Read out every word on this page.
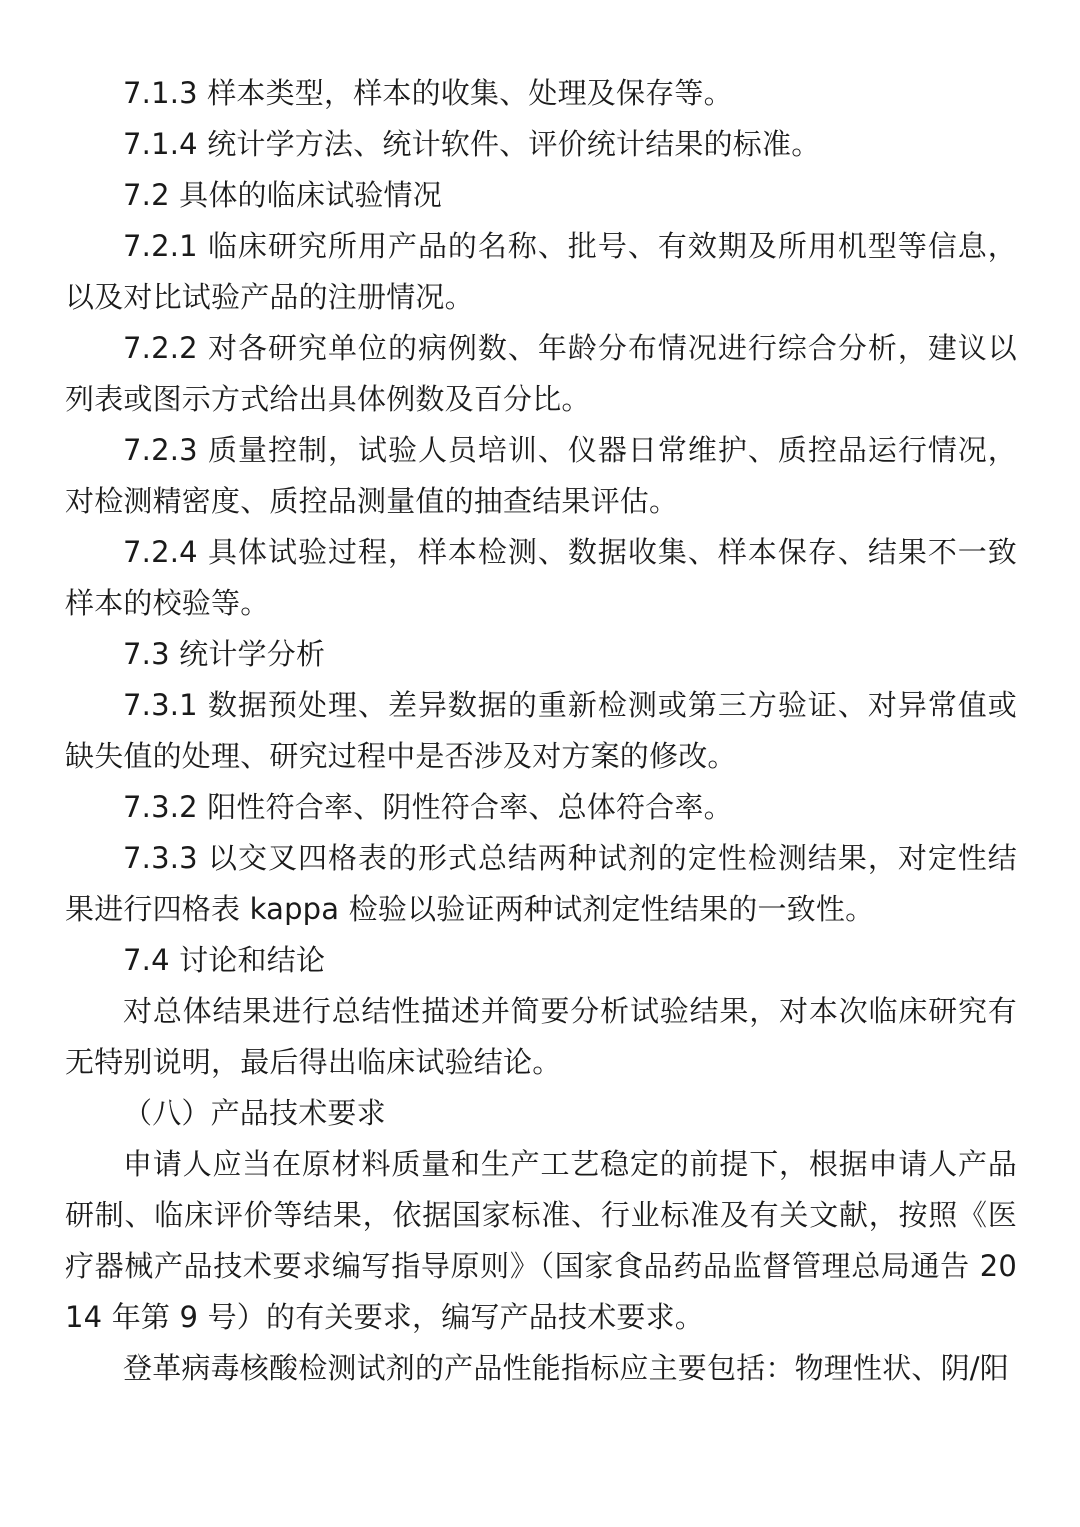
7.1.3 样本类型，样本的收集、处理及保存等。

7.1.4 统计学方法、统计软件、评价统计结果的标准。

7.2 具体的临床试验情况

7.2.1 临床研究所用产品的名称、批号、有效期及所用机型等信息，以及对比试验产品的注册情况。

7.2.2 对各研究单位的病例数、年龄分布情况进行综合分析，建议以列表或图示方式给出具体例数及百分比。

7.2.3 质量控制，试验人员培训、仪器日常维护、质控品运行情况，对检测精密度、质控品测量值的抽查结果评估。

7.2.4 具体试验过程，样本检测、数据收集、样本保存、结果不一致样本的校验等。

7.3 统计学分析

7.3.1 数据预处理、差异数据的重新检测或第三方验证、对异常值或缺失值的处理、研究过程中是否涉及对方案的修改。

7.3.2 阳性符合率、阴性符合率、总体符合率。

7.3.3 以交叉四格表的形式总结两种试剂的定性检测结果，对定性结果进行四格表 kappa 检验以验证两种试剂定性结果的一致性。

7.4 讨论和结论

对总体结果进行总结性描述并简要分析试验结果，对本次临床研究有无特别说明，最后得出临床试验结论。

（八）产品技术要求

申请人应当在原材料质量和生产工艺稳定的前提下，根据申请人产品研制、临床评价等结果，依据国家标准、行业标准及有关文献，按照《医疗器械产品技术要求编写指导原则》（国家食品药品监督管理总局通告 2014 年第 9 号）的有关要求，编写产品技术要求。

登革病毒核酸检测试剂的产品性能指标应主要包括：物理性状、阴/阳
